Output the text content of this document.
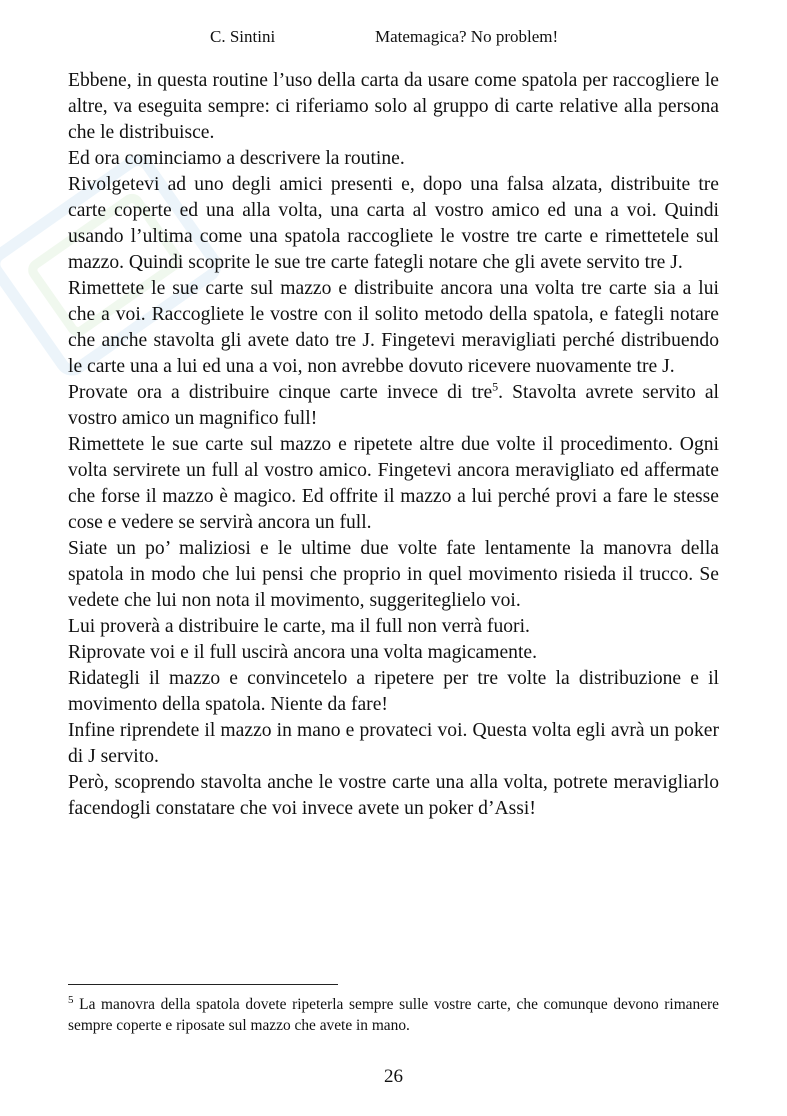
C. Sintini	Matemagica? No problem!

Ebbene, in questa routine l’uso della carta da usare come spatola per raccogliere le altre, va eseguita sempre: ci riferiamo solo al gruppo di carte relative alla persona che le distribuisce.

Ed ora cominciamo a descrivere la routine.

Rivolgetevi ad uno degli amici presenti e, dopo una falsa alzata, distribuite tre carte coperte ed una alla volta, una carta al vostro amico ed una a voi. Quindi usando l’ultima come una spatola raccogliete le vostre tre carte e rimettetele sul mazzo. Quindi scoprite le sue tre carte fategli notare che gli avete servito tre J.

Rimettete le sue carte sul mazzo e distribuite ancora una volta tre carte sia a lui che a voi. Raccogliete le vostre con il solito metodo della spatola, e fategli notare che anche stavolta gli avete dato tre J. Fingetevi meravigliati perché distribuendo le carte una a lui ed una a voi, non avrebbe dovuto ricevere nuovamente tre J.

Provate ora a distribuire cinque carte invece di tre$^5$. Stavolta avrete servito al vostro amico un magnifico full!

Rimettete le sue carte sul mazzo e ripetete altre due volte il procedimento. Ogni volta servirete un full al vostro amico. Fingetevi ancora meravigliato ed affermate che forse il mazzo è magico. Ed offrite il mazzo a lui perché provi a fare le stesse cose e vedere se servirà ancora un full.

Siate un po’ maliziosi e le ultime due volte fate lentamente la manovra della spatola in modo che lui pensi che proprio in quel movimento risieda il trucco. Se vedete che lui non nota il movimento, suggeriteglielo voi.

Lui proverà a distribuire le carte, ma il full non verrà fuori.

Riprovate voi e il full uscirà ancora una volta magicamente.

Ridategli il mazzo e convincetelo a ripetere per tre volte la distribuzione e il movimento della spatola. Niente da fare!

Infine riprendete il mazzo in mano e provateci voi. Questa volta egli avrà un poker di J servito.

Però, scoprendo stavolta anche le vostre carte una alla volta, potrete meravigliarlo facendogli constatare che voi invece avete un poker d’Assi!

$^5$ La manovra della spatola dovete ripeterla sempre sulle vostre carte, che comunque devono rimanere sempre coperte e riposate sul mazzo che avete in mano.
26
